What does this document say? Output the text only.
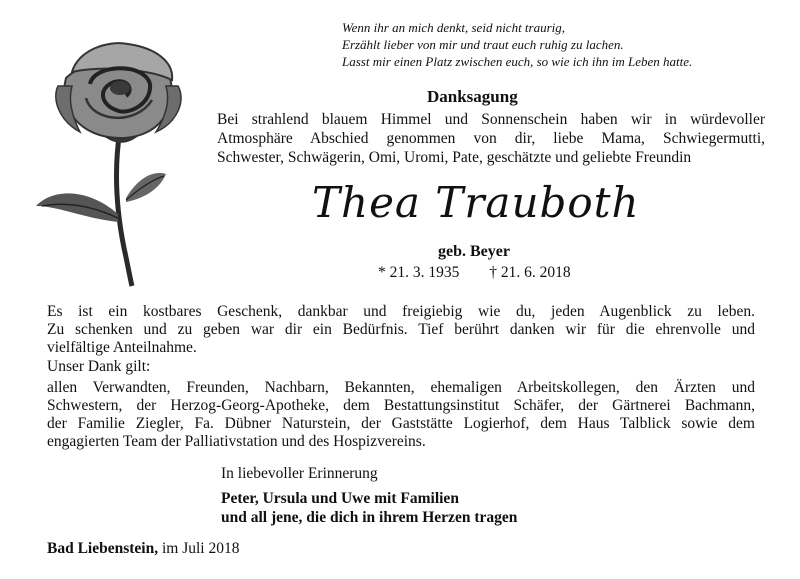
Wenn ihr an mich denkt, seid nicht traurig,
Erzählt lieber von mir und traut euch ruhig zu lachen.
Lasst mir einen Platz zwischen euch, so wie ich ihn im Leben hatte.
Danksagung
Bei strahlend blauem Himmel und Sonnenschein haben wir in würdevoller
Atmosphäre Abschied genommen von dir, liebe Mama, Schwiegermutti,
Schwester, Schwägerin, Omi, Uromi, Pate, geschätzte und geliebte Freundin
Thea Trauboth
geb. Beyer
* 21. 3. 1935 † 21. 6. 2018
Es ist ein kostbares Geschenk, dankbar und freigiebig wie du, jeden Augenblick zu leben.
Zu schenken und zu geben war dir ein Bedürfnis. Tief berührt danken wir für die ehrenvolle und
vielfältige Anteilnahme.
Unser Dank gilt:
allen Verwandten, Freunden, Nachbarn, Bekannten, ehemaligen Arbeitskollegen, den Ärzten und
Schwestern, der Herzog-Georg-Apotheke, dem Bestattungsinstitut Schäfer, der Gärtnerei Bachmann,
der Familie Ziegler, Fa. Dübner Naturstein, der Gaststätte Logierhof, dem Haus Talblick sowie dem
engagierten Team der Palliativstation und des Hospizvereins.
In liebevoller Erinnerung
Peter, Ursula und Uwe mit Familien
und all jene, die dich in ihrem Herzen tragen
Bad Liebenstein, im Juli 2018
